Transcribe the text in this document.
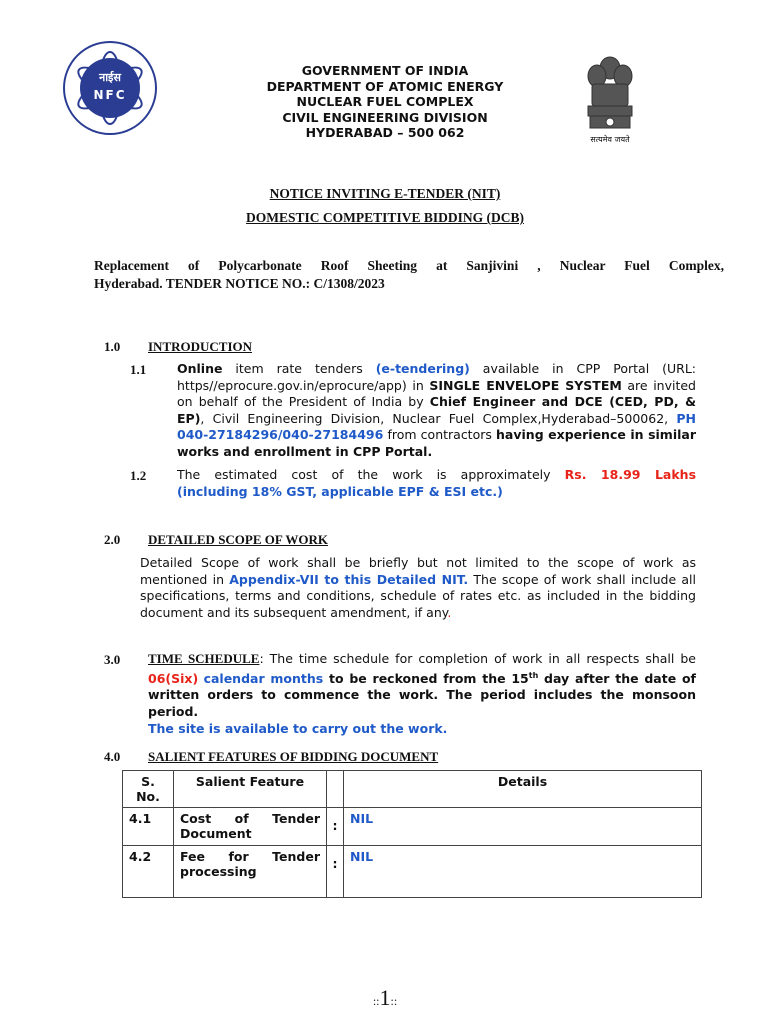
नाईस
NFC
सत्यमेव जयते
GOVERNMENT OF INDIA
DEPARTMENT OF ATOMIC ENERGY
NUCLEAR FUEL COMPLEX
CIVIL ENGINEERING DIVISION
HYDERABAD – 500 062
NOTICE INVITING E-TENDER (NIT)
DOMESTIC COMPETITIVE BIDDING (DCB)
Replacement of Polycarbonate Roof Sheeting at Sanjivini , Nuclear Fuel Complex,
Hyderabad. TENDER NOTICE NO.: C/1308/2023
1.0 INTRODUCTION
1.1 Online item rate tenders (e-tendering) available in CPP Portal (URL: https//eprocure.gov.in/eprocure/app) in SINGLE ENVELOPE SYSTEM are invited on behalf of the President of India by Chief Engineer and DCE (CED, PD, & EP), Civil Engineering Division, Nuclear Fuel Complex,Hyderabad–500062, PH 040-27184296/040-27184496 from contractors having experience in similar works and enrollment in CPP Portal.
1.2 The estimated cost of the work is approximately Rs. 18.99 Lakhs
(including 18% GST, applicable EPF & ESI etc.)
2.0 DETAILED SCOPE OF WORK
Detailed Scope of work shall be briefly but not limited to the scope of work as mentioned in Appendix-VII to this Detailed NIT. The scope of work shall include all specifications, terms and conditions, schedule of rates etc. as included in the bidding document and its subsequent amendment, if any.
3.0 TIME SCHEDULE: The time schedule for completion of work in all respects shall be 06(Six) calendar months to be reckoned from the 15th day after the date of written orders to commence the work. The period includes the monsoon period.
The site is available to carry out the work.
4.0 SALIENT FEATURES OF BIDDING DOCUMENT
S. No.	Salient Feature		Details
4.1	Cost of Tender Document	:	NIL
4.2	Fee for Tender processing	:	NIL
::1::
